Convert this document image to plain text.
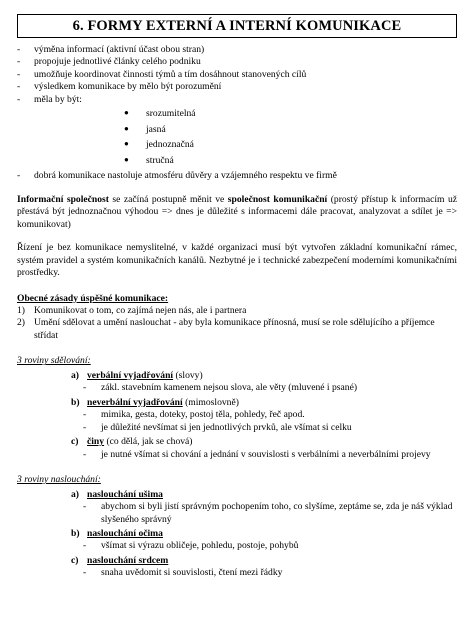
6. FORMY EXTERNÍ A INTERNÍ KOMUNIKACE
- výměna informací (aktivní účast obou stran)
- propojuje jednotlivé články celého podniku
- umožňuje koordinovat činnosti týmů a tím dosáhnout stanovených cílů
- výsledkem komunikace by mělo být porozumění
- měla by být:
● srozumitelná
● jasná
● jednoznačná
● stručná
- dobrá komunikace nastoluje atmosféru důvěry a vzájemného respektu ve firmě

Informační společnost se začíná postupně měnit ve společnost komunikační (prostý přístup k informacím už přestává být jednoznačnou výhodou => dnes je důležité s informacemi dále pracovat, analyzovat a sdílet je => komunikovat)

Řízení je bez komunikace nemyslitelné, v každé organizaci musí být vytvořen základní komunikační rámec, systém pravidel a systém komunikačních kanálů. Nezbytné je i technické zabezpečení moderními komunikačními prostředky.

Obecné zásady úspěšné komunikace:

1) Komunikovat o tom, co zajímá nejen nás, ale i partnera
2) Umění sdělovat a umění naslouchat - aby byla komunikace přínosná, musí se role sdělujícího a příjemce střídat

3 roviny sdělování:

a) verbální vyjadřování (slovy)
- zákl. stavebním kamenem nejsou slova, ale věty (mluvené i psané)
b) neverbální vyjadřování (mimoslovně)
- mimika, gesta, doteky, postoj těla, pohledy, řeč apod.
- je důležité nevšímat si jen jednotlivých prvků, ale všímat si celku
c) činy (co dělá, jak se chová)
- je nutné všímat si chování a jednání v souvislosti s verbálními a neverbálními projevy

3 roviny naslouchání:

a) naslouchání ušima
- abychom si byli jistí správným pochopením toho, co slyšíme, zeptáme se, zda je náš výklad slyšeného správný
b) naslouchání očima
- všímat si výrazu obličeje, pohledu, postoje, pohybů
c) naslouchání srdcem
- snaha uvědomit si souvislosti, čtení mezi řádky
